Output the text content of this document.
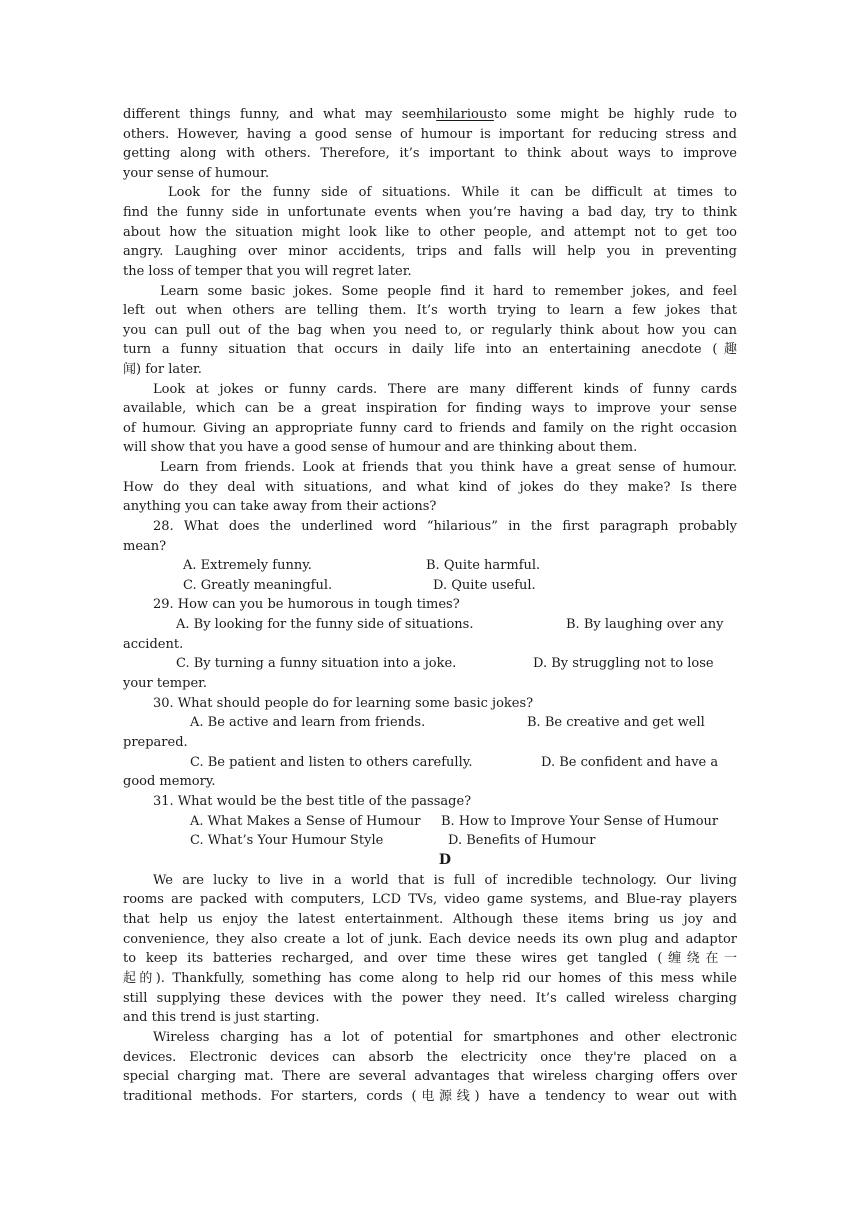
different things funny, and what may seemhilariousto some might be highly rude to
others. However, having a good sense of humour is important for reducing stress and
getting along with others. Therefore, it’s important to think about ways to improve
your sense of humour.
Look for the funny side of situations. While it can be difficult at times to
find the funny side in unfortunate events when you’re having a bad day, try to think
about how the situation might look like to other people, and attempt not to get too
angry. Laughing over minor accidents, trips and falls will help you in preventing
the loss of temper that you will regret later.
Learn some basic jokes. Some people find it hard to remember jokes, and feel
left out when others are telling them. It’s worth trying to learn a few jokes that
you can pull out of the bag when you need to, or regularly think about how you can
turn a funny situation that occurs in daily life into an entertaining anecdote (趣
闻) for later.
Look at jokes or funny cards. There are many different kinds of funny cards
available, which can be a great inspiration for finding ways to improve your sense
of humour. Giving an appropriate funny card to friends and family on the right occasion
will show that you have a good sense of humour and are thinking about them.
Learn from friends. Look at friends that you think have a great sense of humour.
How do they deal with situations, and what kind of jokes do they make? Is there
anything you can take away from their actions?
28. What does the underlined word “hilarious” in the first paragraph probably
mean?
A. Extremely funny.	B. Quite harmful.
C. Greatly meaningful.	D. Quite useful.
29. How can you be humorous in tough times?
A. By looking for the funny side of situations.	B. By laughing over any
accident.
C. By turning a funny situation into a joke.	D. By struggling not to lose
your temper.
30. What should people do for learning some basic jokes?
A. Be active and learn from friends.	B. Be creative and get well
prepared.
C. Be patient and listen to others carefully.	D. Be confident and have a
good memory.
31. What would be the best title of the passage?
A. What Makes a Sense of Humour B. How to Improve Your Sense of Humour
C. What’s Your Humour Style	D. Benefits of Humour
D
We are lucky to live in a world that is full of incredible technology. Our living
rooms are packed with computers, LCD TVs, video game systems, and Blue-ray players
that help us enjoy the latest entertainment. Although these items bring us joy and
convenience, they also create a lot of junk. Each device needs its own plug and adaptor
to keep its batteries recharged, and over time these wires get tangled (缠绕在一
起的). Thankfully, something has come along to help rid our homes of this mess while
still supplying these devices with the power they need. It’s called wireless charging
and this trend is just starting.
Wireless charging has a lot of potential for smartphones and other electronic
devices. Electronic devices can absorb the electricity once they're placed on a
special charging mat. There are several advantages that wireless charging offers over
traditional methods. For starters, cords (电源线) have a tendency to wear out with
